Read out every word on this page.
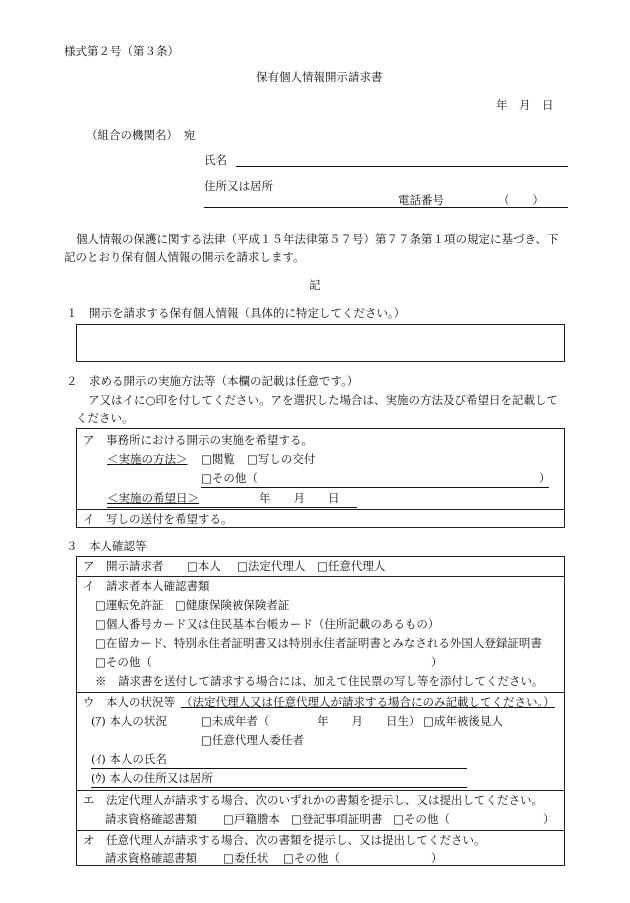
様式第２号（第３条）
保有個人情報開示請求書
年　月　日
（組合の機関名）　宛
氏名
住所又は居所
電話番号	（　　）
個人情報の保護に関する法律（平成１５年法律第５７号）第７７条第１項の規定に基づき、下
記のとおり保有個人情報の開示を請求します。
記
１　開示を請求する保有個人情報（具体的に特定してください。）
２　求める開示の実施方法等（本欄の記載は任意です。）
ア又はイに○印を付してください。アを選択した場合は、実施の方法及び希望日を記載して
ください。
ア　事務所における開示の実施を希望する。
＜実施の方法＞ □閲覧 □写しの交付
□その他（	）
＜実施の希望日＞	年　　月　　日
イ　写しの送付を希望する。
３　本人確認等
ア　開示請求者 □本人 □法定代理人 □任意代理人
イ　請求者本人確認書類
□運転免許証 □健康保険被保険者証
□個人番号カード又は住民基本台帳カード（住所記載のあるもの）
□在留カード、特別永住者証明書又は特別永住者証明書とみなされる外国人登録証明書
□その他（	）
※　請求書を送付して請求する場合には、加えて住民票の写し等を添付してください。
ウ　本人の状況等 （法定代理人又は任意代理人が請求する場合にのみ記載してください。）
(ｱ) 本人の状況	□未成年者（	年　　月　　日生） □成年被後見人
□任意代理人委任者
(ｲ) 本人の氏名
(ｳ) 本人の住所又は居所
エ　法定代理人が請求する場合、次のいずれかの書類を提示し、又は提出してください。
請求資格確認書類 □戸籍謄本 □登記事項証明書 □その他（	）
オ　任意代理人が請求する場合、次の書類を提示し、又は提出してください。
請求資格確認書類 □委任状 □その他（	）
